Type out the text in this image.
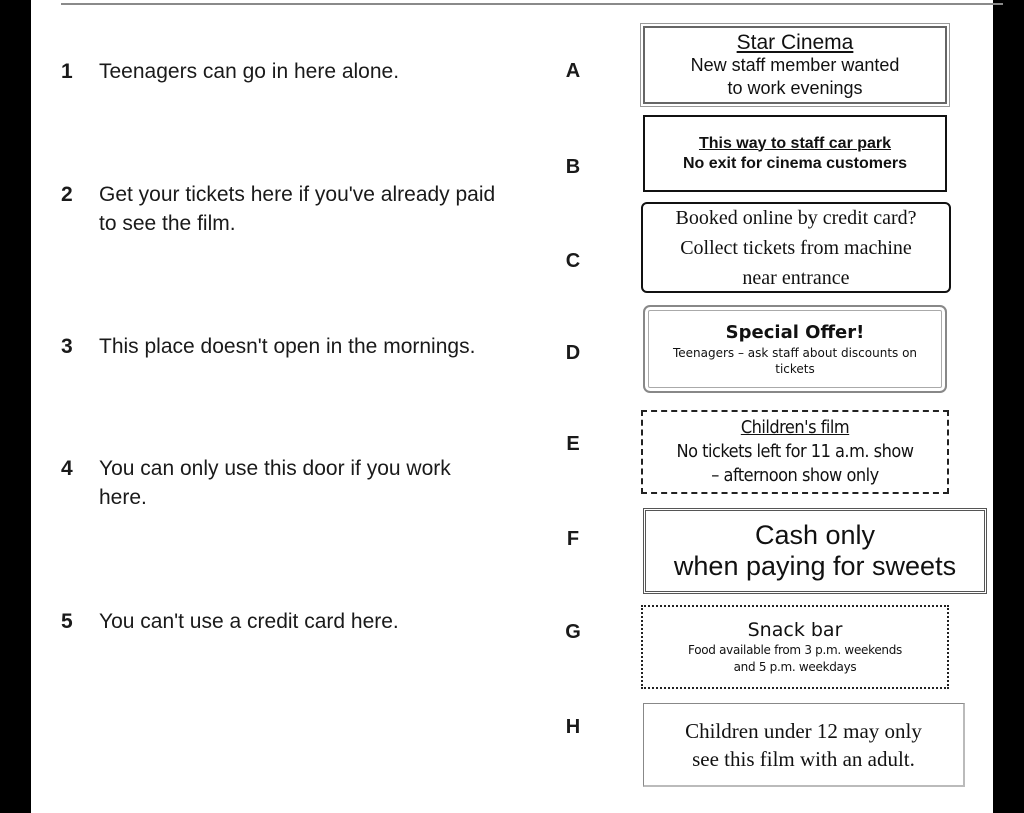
1 Teenagers can go in here alone.
2 Get your tickets here if you've already paid to see the film.
3 This place doesn't open in the mornings.
4 You can only use this door if you work here.
5 You can't use a credit card here.
A
B
C
D
E
F
G
H
Star Cinema
New staff member wanted
to work evenings
This way to staff car park
No exit for cinema customers
Booked online by credit card?
Collect tickets from machine
near entrance
Special Offer!
Teenagers – ask staff about discounts on tickets
Children's film
No tickets left for 11 a.m. show
– afternoon show only
Cash only
when paying for sweets
Snack bar
Food available from 3 p.m. weekends
and 5 p.m. weekdays
Children under 12 may only
see this film with an adult.
